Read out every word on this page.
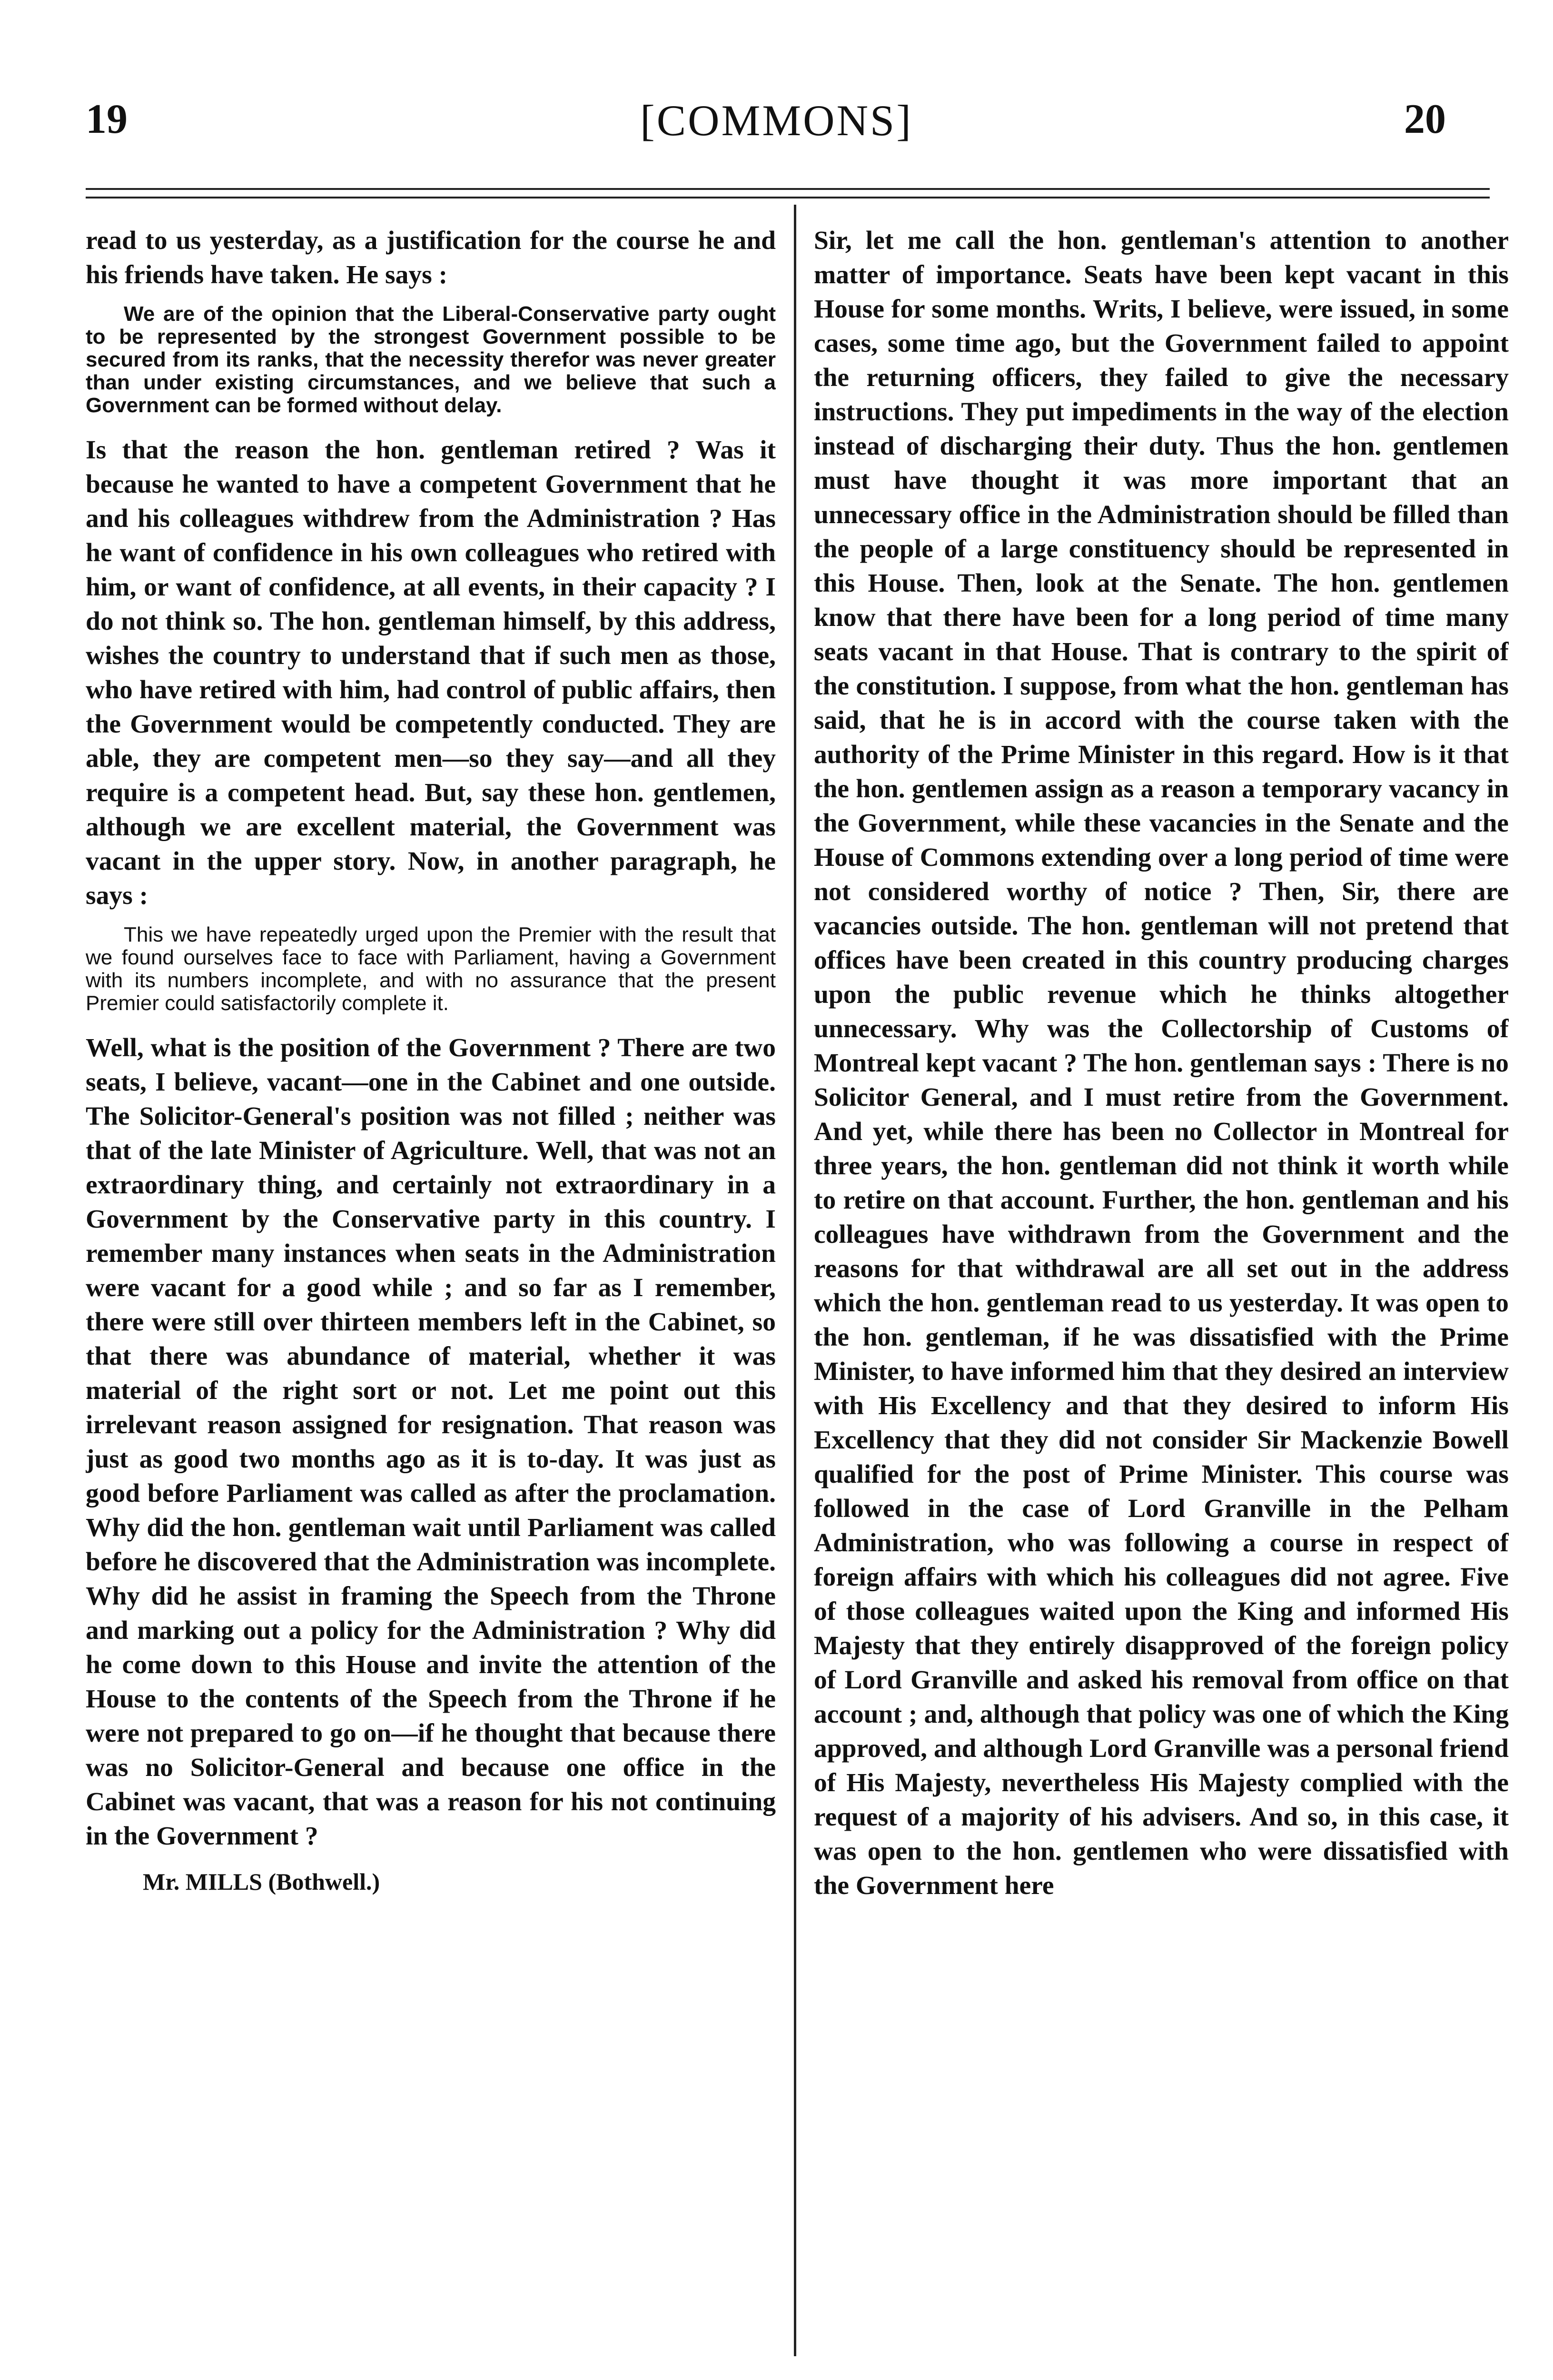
19	[COMMONS]	20

read to us yesterday, as a justification for the course he and his friends have taken. He says :

We are of the opinion that the Liberal-Conservative party ought to be represented by the strongest Government possible to be secured from its ranks, that the necessity therefor was never greater than under existing circumstances, and we believe that such a Government can be formed without delay.

Is that the reason the hon. gentleman retired ? Was it because he wanted to have a competent Government that he and his colleagues withdrew from the Administration ? Has he want of confidence in his own colleagues who retired with him, or want of confidence, at all events, in their capacity ? I do not think so. The hon. gentleman himself, by this address, wishes the country to understand that if such men as those, who have retired with him, had control of public affairs, then the Government would be competently conducted. They are able, they are competent men—so they say—and all they require is a competent head. But, say these hon. gentlemen, although we are excellent material, the Government was vacant in the upper story. Now, in another paragraph, he says :

This we have repeatedly urged upon the Premier with the result that we found ourselves face to face with Parliament, having a Government with its numbers incomplete, and with no assurance that the present Premier could satisfactorily complete it.

Well, what is the position of the Government ? There are two seats, I believe, vacant—one in the Cabinet and one outside. The Solicitor-General's position was not filled ; neither was that of the late Minister of Agriculture. Well, that was not an extraordinary thing, and certainly not extraordinary in a Government by the Conservative party in this country. I remember many instances when seats in the Administration were vacant for a good while ; and so far as I remember, there were still over thirteen members left in the Cabinet, so that there was abundance of material, whether it was material of the right sort or not. Let me point out this irrelevant reason assigned for resignation. That reason was just as good two months ago as it is to-day. It was just as good before Parliament was called as after the proclamation. Why did the hon. gentleman wait until Parliament was called before he discovered that the Administration was incomplete. Why did he assist in framing the Speech from the Throne and marking out a policy for the Administration ? Why did he come down to this House and invite the attention of the House to the contents of the Speech from the Throne if he were not prepared to go on—if he thought that because there was no Solicitor-General and because one office in the Cabinet was vacant, that was a reason for his not continuing in the Government ?

Mr. MILLS (Bothwell.)

Sir, let me call the hon. gentleman's attention to another matter of importance. Seats have been kept vacant in this House for some months. Writs, I believe, were issued, in some cases, some time ago, but the Government failed to appoint the returning officers, they failed to give the necessary instructions. They put impediments in the way of the election instead of discharging their duty. Thus the hon. gentlemen must have thought it was more important that an unnecessary office in the Administration should be filled than the people of a large constituency should be represented in this House. Then, look at the Senate. The hon. gentlemen know that there have been for a long period of time many seats vacant in that House. That is contrary to the spirit of the constitution. I suppose, from what the hon. gentleman has said, that he is in accord with the course taken with the authority of the Prime Minister in this regard. How is it that the hon. gentlemen assign as a reason a temporary vacancy in the Government, while these vacancies in the Senate and the House of Commons extending over a long period of time were not considered worthy of notice ? Then, Sir, there are vacancies outside. The hon. gentleman will not pretend that offices have been created in this country producing charges upon the public revenue which he thinks altogether unnecessary. Why was the Collectorship of Customs of Montreal kept vacant ? The hon. gentleman says : There is no Solicitor General, and I must retire from the Government. And yet, while there has been no Collector in Montreal for three years, the hon. gentleman did not think it worth while to retire on that account. Further, the hon. gentleman and his colleagues have withdrawn from the Government and the reasons for that withdrawal are all set out in the address which the hon. gentleman read to us yesterday. It was open to the hon. gentleman, if he was dissatisfied with the Prime Minister, to have informed him that they desired an interview with His Excellency and that they desired to inform His Excellency that they did not consider Sir Mackenzie Bowell qualified for the post of Prime Minister. This course was followed in the case of Lord Granville in the Pelham Administration, who was following a course in respect of foreign affairs with which his colleagues did not agree. Five of those colleagues waited upon the King and informed His Majesty that they entirely disapproved of the foreign policy of Lord Granville and asked his removal from office on that account ; and, although that policy was one of which the King approved, and although Lord Granville was a personal friend of His Majesty, nevertheless His Majesty complied with the request of a majority of his advisers. And so, in this case, it was open to the hon. gentlemen who were dissatisfied with the Government here
